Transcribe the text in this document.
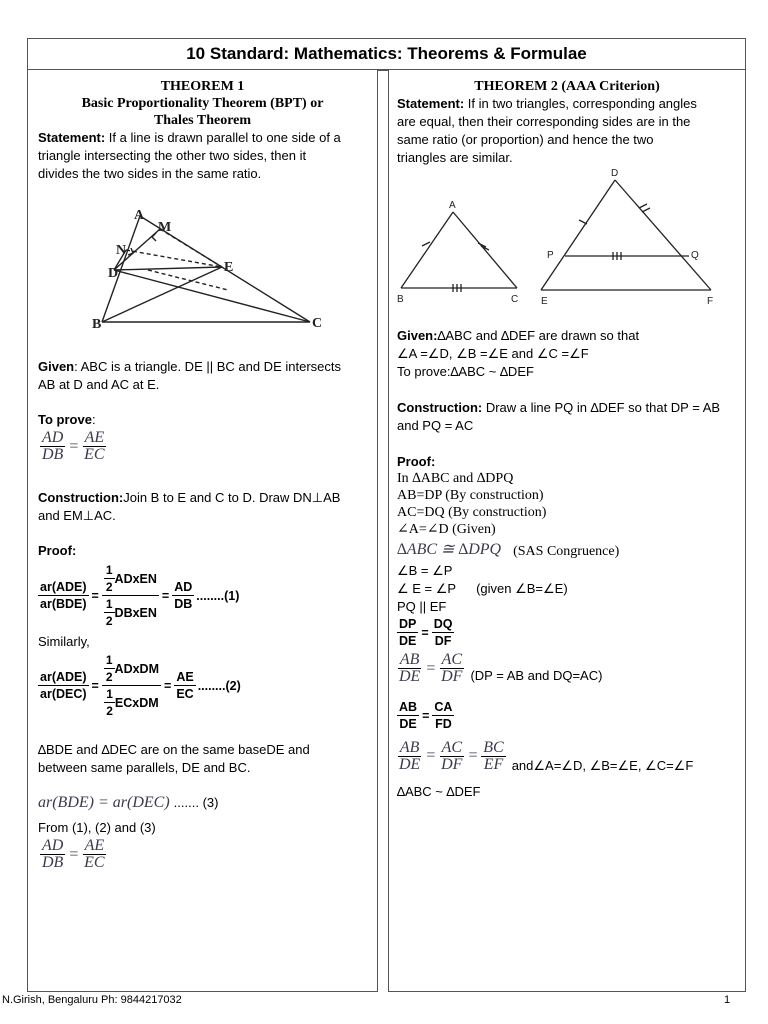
10 Standard: Mathematics: Theorems & Formulae
THEOREM 1
Basic Proportionality Theorem (BPT) or
Thales Theorem
Statement: If a line is drawn parallel to one side of a
triangle intersecting the other two sides, then it
divides the two sides in the same ratio.
A
M
N
D	E
B	C
Given: ABC is a triangle. DE || BC and DE intersects
AB at D and AC at E.
To prove:
$\frac{AD}{DB} = \frac{AE}{EC}$
Construction:Join B to E and C to D. Draw DN⊥AB
and EM⊥AC.
Proof:
$\frac{\text{ar(ADE)}}{\text{ar(BDE)}} = \frac{\frac{1}{2} ADxEN}{\frac{1}{2} DBxEN} = \frac{AD}{DB} ........(1)$
Similarly,
$\frac{\text{ar(ADE)}}{\text{ar(DEC)}} = \frac{\frac{1}{2} ADxDM}{\frac{1}{2} ECxDM} = \frac{AE}{EC} ........(2)$
∆BDE and ∆DEC are on the same baseDE and
between same parallels, DE and BC.
ar(BDE) = ar(DEC) ....... (3)
From (1), (2) and (3)
$\frac{AD}{DB} = \frac{AE}{EC}$
THEOREM 2 (AAA Criterion)
Statement: If in two triangles, corresponding angles
are equal, then their corresponding sides are in the
same ratio (or proportion) and hence the two
triangles are similar.
A
B	C
D
P	Q
E	F
Given:∆ABC and ∆DEF are drawn so that
∠A =∠D, ∠B =∠E and ∠C =∠F
To prove:∆ABC ~ ∆DEF
Construction: Draw a line PQ in ∆DEF so that DP = AB
and PQ = AC
Proof:
In ∆ABC and ∆DPQ
AB=DP (By construction)
AC=DQ (By construction)
∠A=∠D (Given)
∆ABC ≅ ∆DPQ (SAS Congruence)
∠B = ∠P
∠ E = ∠P (given ∠B=∠E)
PQ || EF
$\frac{DP}{DE} = \frac{DQ}{DF}$
$\frac{AB}{DE} = \frac{AC}{DF} (DP$ = AB and DQ=AC)
$\frac{AB}{DE} = \frac{CA}{FD}$
$\frac{AB}{DE} = \frac{AC}{DF} = \frac{BC}{EF}$ and∠A=∠D, ∠B=∠E, ∠C=∠F
∆ABC ~ ∆DEF
N.Girish, Bengaluru Ph: 9844217032	1
